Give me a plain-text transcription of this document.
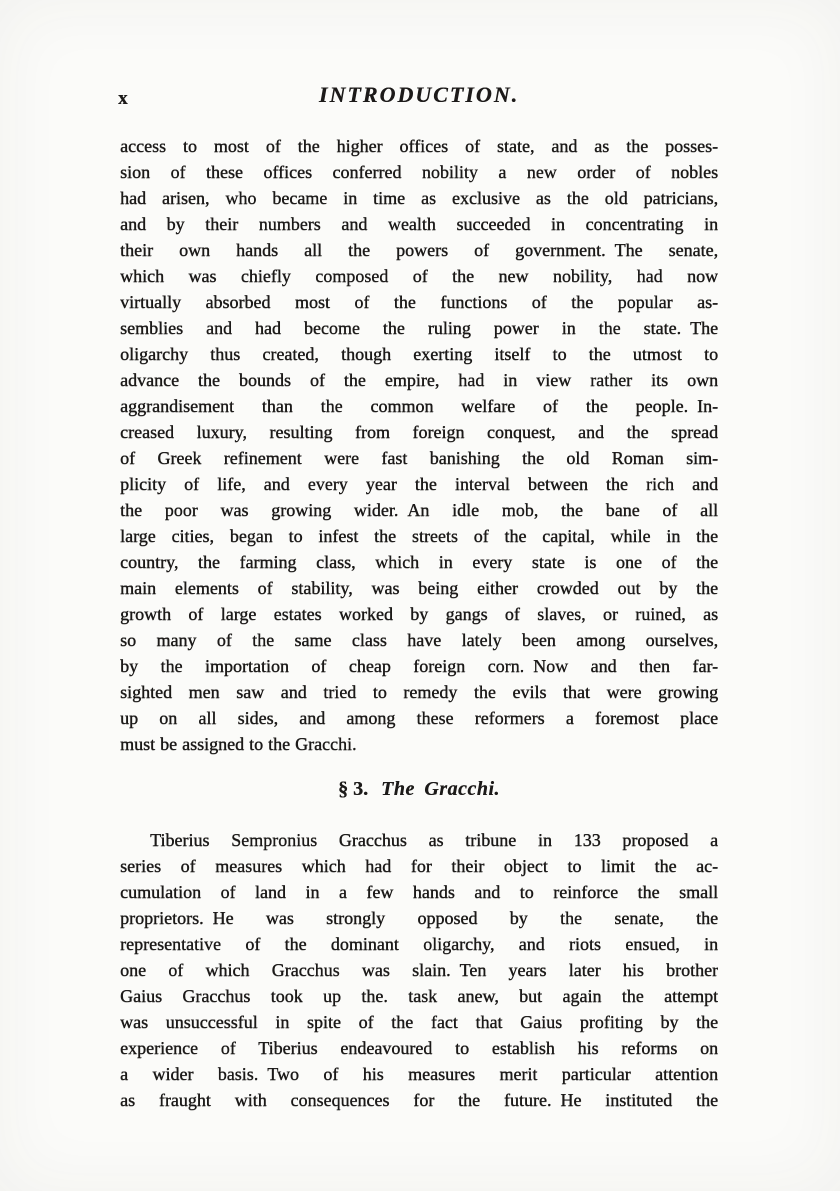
x	INTRODUCTION.
access to most of the higher offices of state, and as the posses-
sion of these offices conferred nobility a new order of nobles
had arisen, who became in time as exclusive as the old patricians,
and by their numbers and wealth succeeded in concentrating in
their own hands all the powers of government. The senate,
which was chiefly composed of the new nobility, had now
virtually absorbed most of the functions of the popular as-
semblies and had become the ruling power in the state. The
oligarchy thus created, though exerting itself to the utmost to
advance the bounds of the empire, had in view rather its own
aggrandisement than the common welfare of the people. In-
creased luxury, resulting from foreign conquest, and the spread
of Greek refinement were fast banishing the old Roman sim-
plicity of life, and every year the interval between the rich and
the poor was growing wider. An idle mob, the bane of all
large cities, began to infest the streets of the capital, while in the
country, the farming class, which in every state is one of the
main elements of stability, was being either crowded out by the
growth of large estates worked by gangs of slaves, or ruined, as
so many of the same class have lately been among ourselves,
by the importation of cheap foreign corn. Now and then far-
sighted men saw and tried to remedy the evils that were growing
up on all sides, and among these reformers a foremost place
must be assigned to the Gracchi.
§ 3. The Gracchi.
Tiberius Sempronius Gracchus as tribune in 133 proposed a
series of measures which had for their object to limit the ac-
cumulation of land in a few hands and to reinforce the small
proprietors. He was strongly opposed by the senate, the
representative of the dominant oligarchy, and riots ensued, in
one of which Gracchus was slain. Ten years later his brother
Gaius Gracchus took up the. task anew, but again the attempt
was unsuccessful in spite of the fact that Gaius profiting by the
experience of Tiberius endeavoured to establish his reforms on
a wider basis. Two of his measures merit particular attention
as fraught with consequences for the future. He instituted the
